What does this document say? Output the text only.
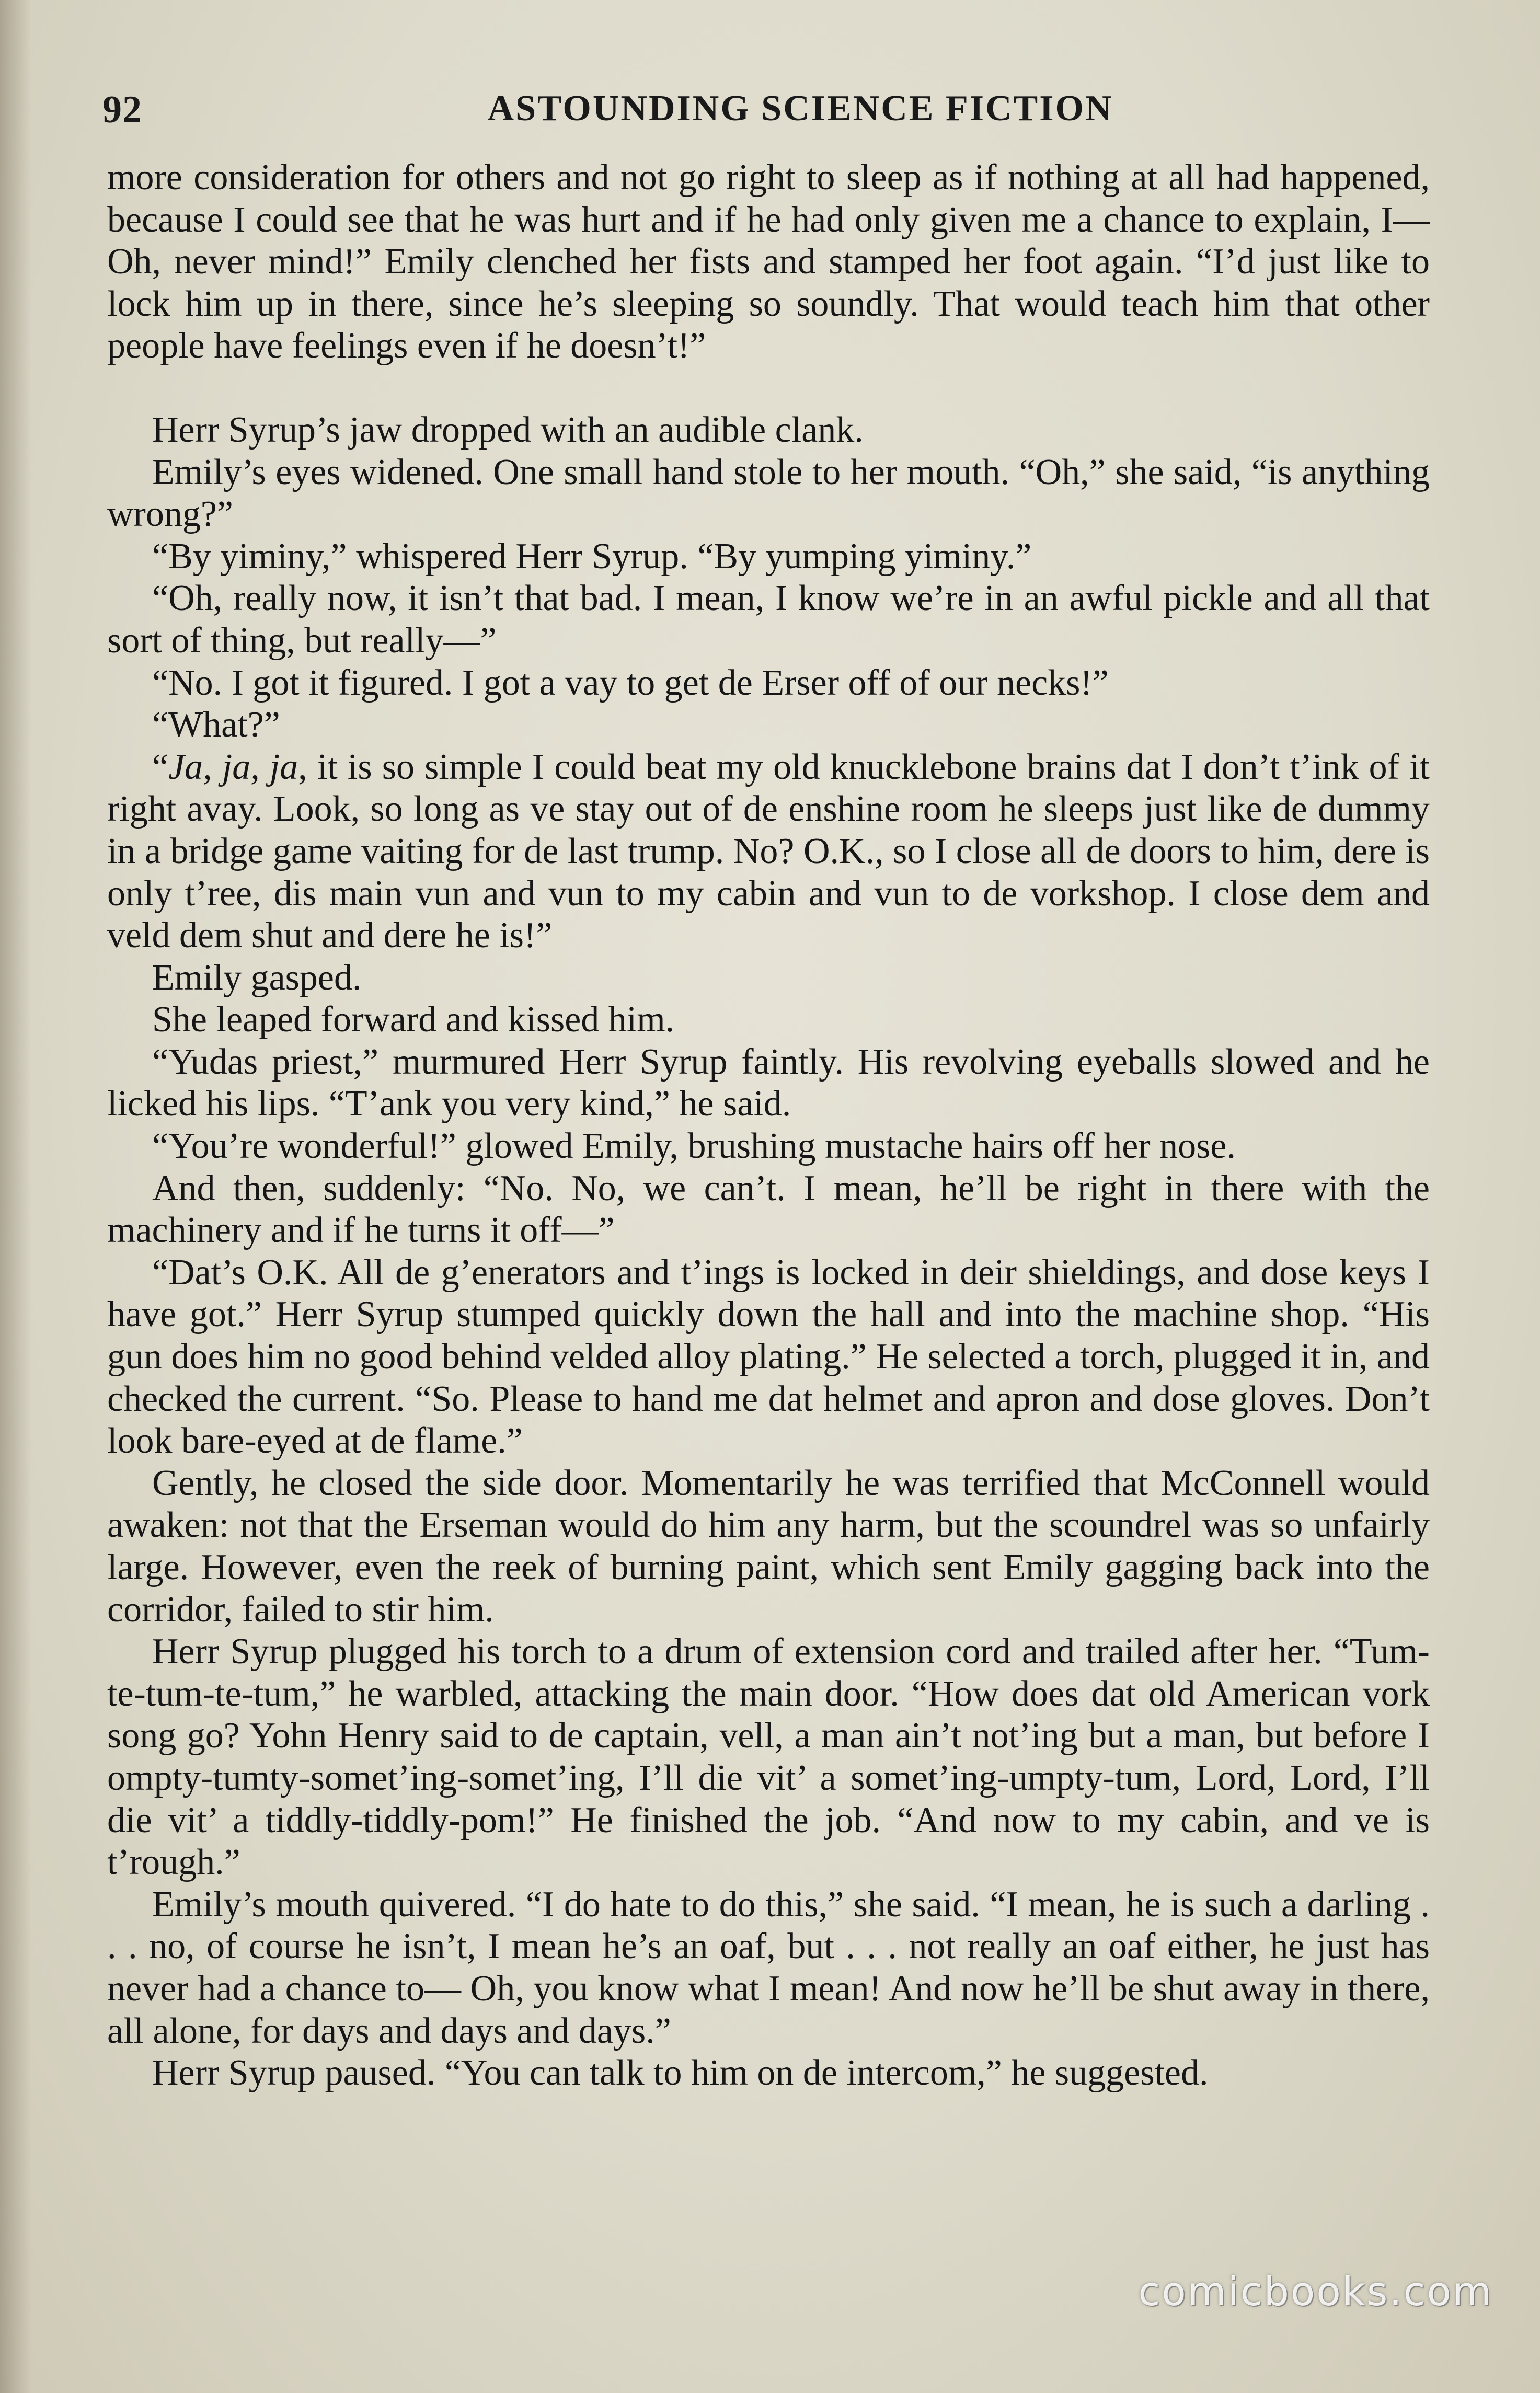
92	ASTOUNDING SCIENCE FICTION

more consideration for others and not go right to sleep as if nothing at all had happened, because I could see that he was hurt and if he had only given me a chance to explain, I— Oh, never mind!” Emily clenched her fists and stamped her foot again. “I’d just like to lock him up in there, since he’s sleeping so soundly. That would teach him that other people have feelings even if he doesn’t!”

Herr Syrup’s jaw dropped with an audible clank.

Emily’s eyes widened. One small hand stole to her mouth. “Oh,” she said, “is anything wrong?”

“By yiminy,” whispered Herr Syrup. “By yumping yiminy.”

“Oh, really now, it isn’t that bad. I mean, I know we’re in an awful pickle and all that sort of thing, but really—”

“No. I got it figured. I got a vay to get de Erser off of our necks!”

“What?”

“Ja, ja, ja, it is so simple I could beat my old knucklebone brains dat I don’t t’ink of it right avay. Look, so long as ve stay out of de enshine room he sleeps just like de dummy in a bridge game vaiting for de last trump. No? O.K., so I close all de doors to him, dere is only t’ree, dis main vun and vun to my cabin and vun to de vorkshop. I close dem and veld dem shut and dere he is!”

Emily gasped.

She leaped forward and kissed him.

“Yudas priest,” murmured Herr Syrup faintly. His revolving eyeballs slowed and he licked his lips. “T’ank you very kind,” he said.

“You’re wonderful!” glowed Emily, brushing mustache hairs off her nose.

And then, suddenly: “No. No, we can’t. I mean, he’ll be right in there with the machinery and if he turns it off—”

“Dat’s O.K. All de g’enerators and t’ings is locked in deir shieldings, and dose keys I have got.” Herr Syrup stumped quickly down the hall and into the machine shop. “His gun does him no good behind velded alloy plating.” He selected a torch, plugged it in, and checked the current. “So. Please to hand me dat helmet and apron and dose gloves. Don’t look bare-eyed at de flame.”

Gently, he closed the side door. Momentarily he was terrified that McConnell would awaken: not that the Erseman would do him any harm, but the scoundrel was so unfairly large. However, even the reek of burning paint, which sent Emily gagging back into the corridor, failed to stir him.

Herr Syrup plugged his torch to a drum of extension cord and trailed after her. “Tum-te-tum-te-tum,” he warbled, attacking the main door. “How does dat old American vork song go? Yohn Henry said to de captain, vell, a man ain’t not’ing but a man, but before I ompty-tumty-somet’ing-somet’ing, I’ll die vit’ a somet’ing-umpty-tum, Lord, Lord, I’ll die vit’ a tiddly-tiddly-pom!” He finished the job. “And now to my cabin, and ve is t’rough.”

Emily’s mouth quivered. “I do hate to do this,” she said. “I mean, he is such a darling . . . no, of course he isn’t, I mean he’s an oaf, but . . . not really an oaf either, he just has never had a chance to— Oh, you know what I mean! And now he’ll be shut away in there, all alone, for days and days and days.”

Herr Syrup paused. “You can talk to him on de intercom,” he suggested.

comicbooks.com
